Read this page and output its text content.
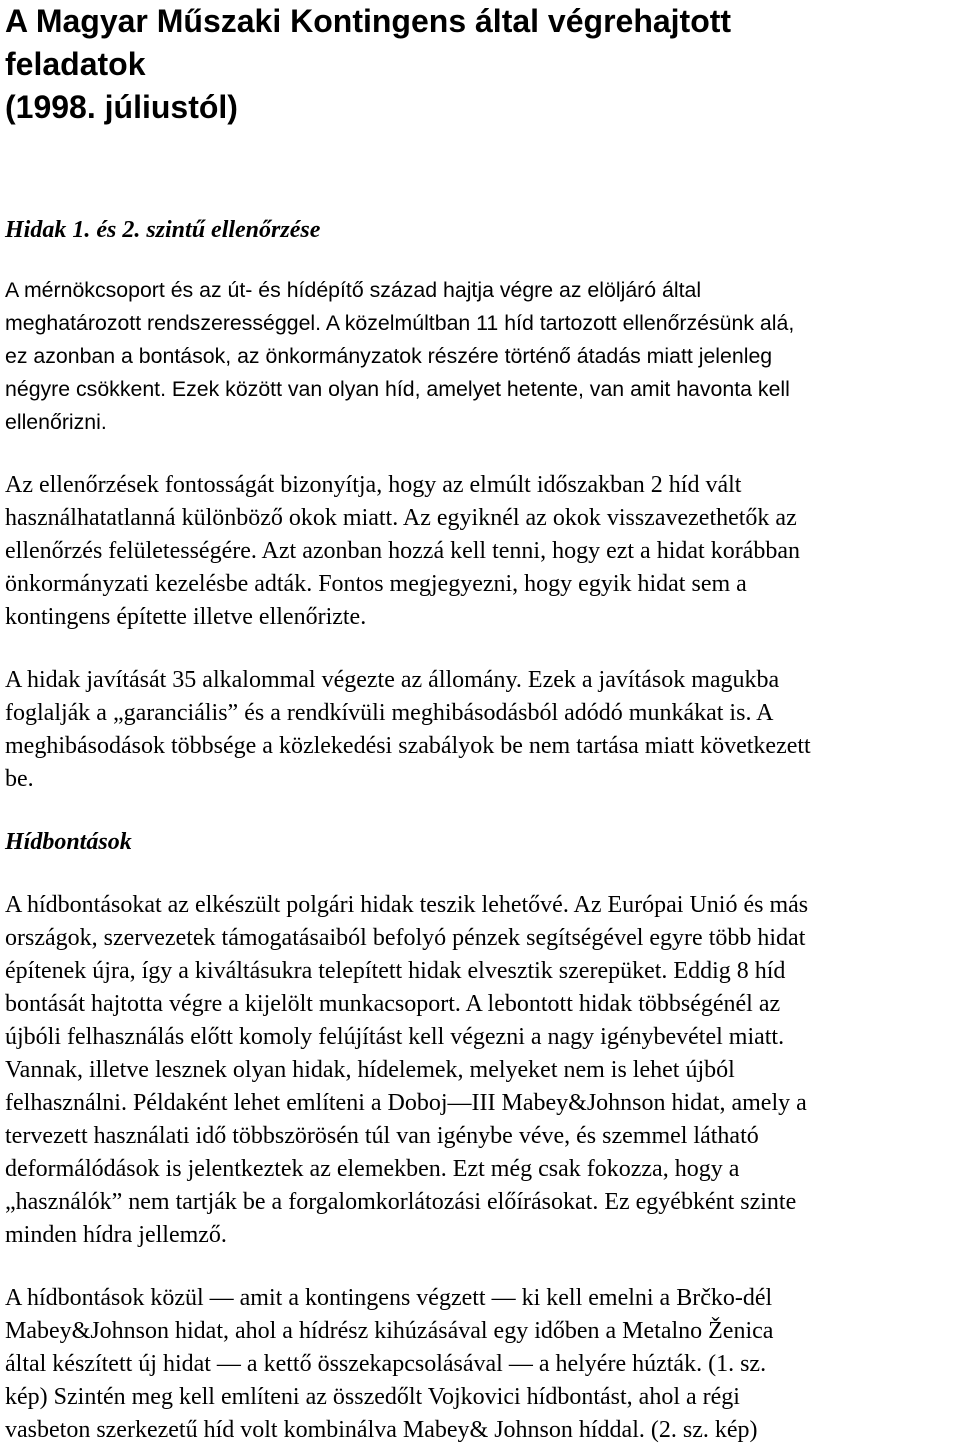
A Magyar Műszaki Kontingens által végrehajtott
feladatok
(1998. júliustól)
Hidak 1. és 2. szintű ellenőrzése

A mérnökcsoport és az út- és hídépítő század hajtja végre az elöljáró által
meghatározott rendszerességgel. A közelmúltban 11 híd tartozott ellenőrzésünk alá,
ez azonban a bontások, az önkormányzatok részére történő átadás miatt jelenleg
négyre csökkent. Ezek között van olyan híd, amelyet hetente, van amit havonta kell
ellenőrizni.

Az ellenőrzések fontosságát bizonyítja, hogy az elmúlt időszakban 2 híd vált
használhatatlanná különböző okok miatt. Az egyiknél az okok visszavezethetők az
ellenőrzés felületességére. Azt azonban hozzá kell tenni, hogy ezt a hidat korábban
önkormányzati kezelésbe adták. Fontos megjegyezni, hogy egyik hidat sem a
kontingens építette illetve ellenőrizte.

A hidak javítását 35 alkalommal végezte az állomány. Ezek a javítások magukba
foglalják a „garanciális” és a rendkívüli meghibásodásból adódó munkákat is. A
meghibásodások többsége a közlekedési szabályok be nem tartása miatt következett
be.

Hídbontások

A hídbontásokat az elkészült polgári hidak teszik lehetővé. Az Európai Unió és más
országok, szervezetek támogatásaiból befolyó pénzek segítségével egyre több hidat
építenek újra, így a kiváltásukra telepített hidak elvesztik szerepüket. Eddig 8 híd
bontását hajtotta végre a kijelölt munkacsoport. A lebontott hidak többségénél az
újbóli felhasználás előtt komoly felújítást kell végezni a nagy igénybevétel miatt.
Vannak, illetve lesznek olyan hidak, hídelemek, melyeket nem is lehet újból
felhasználni. Példaként lehet említeni a Doboj—III Mabey&Johnson hidat, amely a
tervezett használati idő többszörösén túl van igénybe véve, és szemmel látható
deformálódások is jelentkeztek az elemekben. Ezt még csak fokozza, hogy a
„használók” nem tartják be a forgalomkorlátozási előírásokat. Ez egyébként szinte
minden hídra jellemző.

A hídbontások közül — amit a kontingens végzett — ki kell emelni a Brčko-dél
Mabey&Johnson hidat, ahol a hídrész kihúzásával egy időben a Metalno Ženica
által készített új hidat — a kettő összekapcsolásával — a helyére húzták. (1. sz.
kép) Szintén meg kell említeni az összedőlt Vojkovici hídbontást, ahol a régi
vasbeton szerkezetű híd volt kombinálva Mabey& Johnson híddal. (2. sz. kép)
